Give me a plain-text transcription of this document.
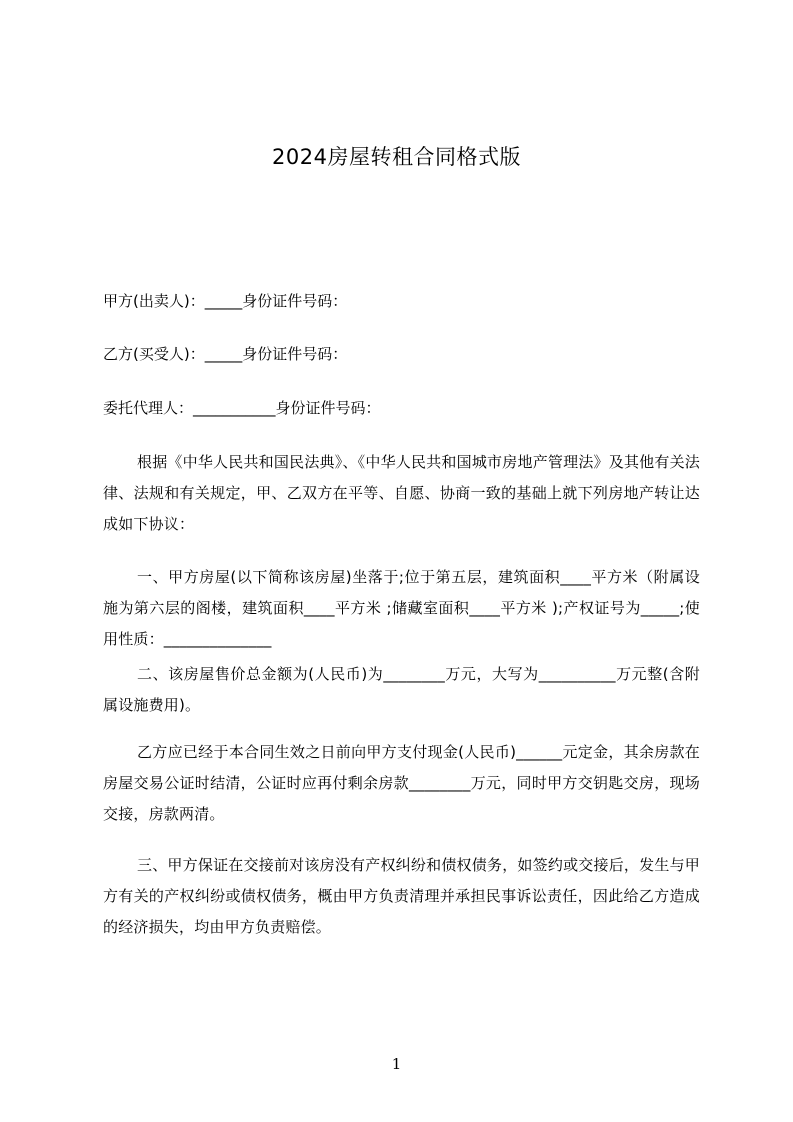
2024房屋转租合同格式版
甲方(出卖人)：_____身份证件号码：
乙方(买受人)：_____身份证件号码：
委托代理人：___________身份证件号码：
根据《中华人民共和国民法典》、《中华人民共和国城市房地产管理法》及其他有关法律、法规和有关规定，甲、乙双方在平等、自愿、协商一致的基础上就下列房地产转让达成如下协议：
一、甲方房屋(以下简称该房屋)坐落于;位于第五层，建筑面积____平方米（附属设施为第六层的阁楼，建筑面积____平方米 ;储藏室面积____平方米 );产权证号为_____;使用性质：______________
二、该房屋售价总金额为(人民币)为________万元，大写为__________万元整(含附属设施费用)。
乙方应已经于本合同生效之日前向甲方支付现金(人民币)______元定金，其余房款在房屋交易公证时结清，公证时应再付剩余房款________万元，同时甲方交钥匙交房，现场交接，房款两清。
三、甲方保证在交接前对该房没有产权纠纷和债权债务，如签约或交接后，发生与甲方有关的产权纠纷或债权债务，概由甲方负责清理并承担民事诉讼责任，因此给乙方造成的经济损失，均由甲方负责赔偿。
1
